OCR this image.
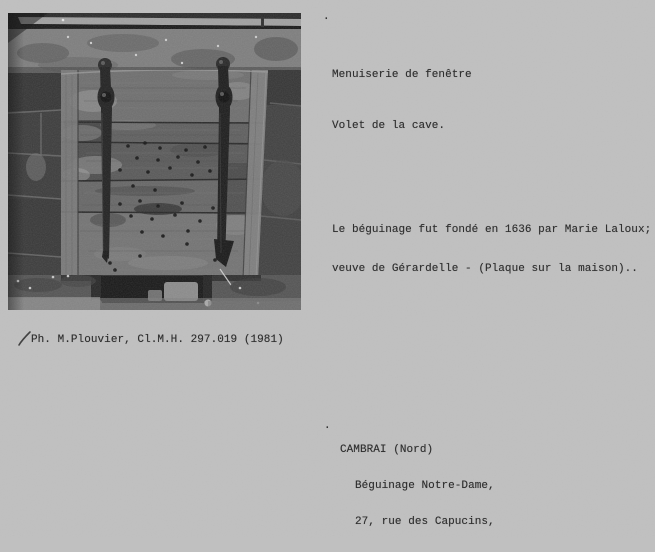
.

Menuiserie de fenêtre

Volet de la cave.

Le béguinage fut fondé en 1636 par Marie Laloux;

veuve de Gérardelle - (Plaque sur la maison)..

Ph. M.Plouvier, Cl.M.H. 297.019 (1981)
.

CAMBRAI (Nord)

Béguinage Notre-Dame,

27, rue des Capucins,
